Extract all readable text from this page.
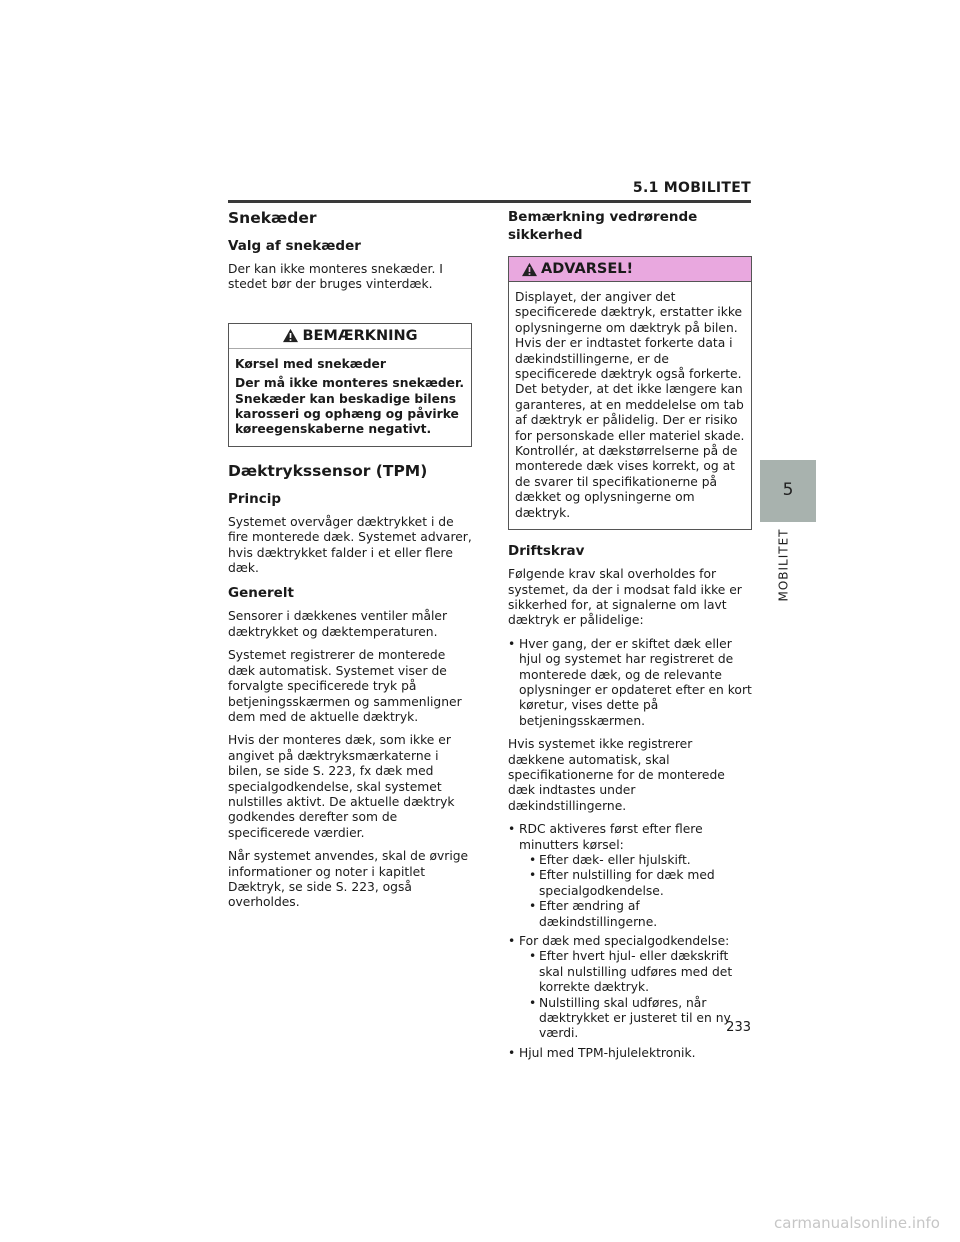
5.1 MOBILITET
5
MOBILITET
Snekæder
Valg af snekæder

Der kan ikke monteres snekæder. I stedet bør der bruges vinterdæk.

BEMÆRKNING

Kørsel med snekæder

Der må ikke monteres snekæder. Snekæder kan beskadige bilens karosseri og ophæng og påvirke køreegenskaberne negativt.

Dæktrykssensor (TPM)
Princip

Systemet overvåger dæktrykket i de fire monterede dæk. Systemet advarer, hvis dæktrykket falder i et eller flere dæk.

Generelt

Sensorer i dækkenes ventiler måler dæktrykket og dæktemperaturen.

Systemet registrerer de monterede dæk automatisk. Systemet viser de forvalgte specificerede tryk på betjeningsskærmen og sammenligner dem med de aktuelle dæktryk.

Hvis der monteres dæk, som ikke er angivet på dæktryksmærkaterne i bilen, se side S. 223, fx dæk med specialgodkendelse, skal systemet nulstilles aktivt. De aktuelle dæktryk godkendes derefter som de specificerede værdier.

Når systemet anvendes, skal de øvrige informationer og noter i kapitlet Dæktryk, se side S. 223, også overholdes.

Bemærkning vedrørende sikkerhed
ADVARSEL!

Displayet, der angiver det specificerede dæktryk, erstatter ikke oplysningerne om dæktryk på bilen. Hvis der er indtastet forkerte data i dækindstillingerne, er de specificerede dæktryk også forkerte. Det betyder, at det ikke længere kan garanteres, at en meddelelse om tab af dæktryk er pålidelig. Der er risiko for personskade eller materiel skade. Kontrollér, at dækstørrelserne på de monterede dæk vises korrekt, og at de svarer til specifikationerne på dækket og oplysningerne om dæktryk.

Driftskrav

Følgende krav skal overholdes for systemet, da der i modsat fald ikke er sikkerhed for, at signalerne om lavt dæktryk er pålidelige:

• Hver gang, der er skiftet dæk eller hjul og systemet har registreret de monterede dæk, og de relevante oplysninger er opdateret efter en kort køretur, vises dette på betjeningsskærmen.

Hvis systemet ikke registrerer dækkene automatisk, skal specifikationerne for de monterede dæk indtastes under dækindstillingerne.

• RDC aktiveres først efter flere minutters kørsel:
• Efter dæk- eller hjulskift.
• Efter nulstilling for dæk med specialgodkendelse.
• Efter ændring af dækindstillingerne.
• For dæk med specialgodkendelse:
• Efter hvert hjul- eller dækskrift skal nulstilling udføres med det korrekte dæktryk.
• Nulstilling skal udføres, når dæktrykket er justeret til en ny værdi.
• Hjul med TPM-hjulelektronik.
233
carmanualsonline.info
